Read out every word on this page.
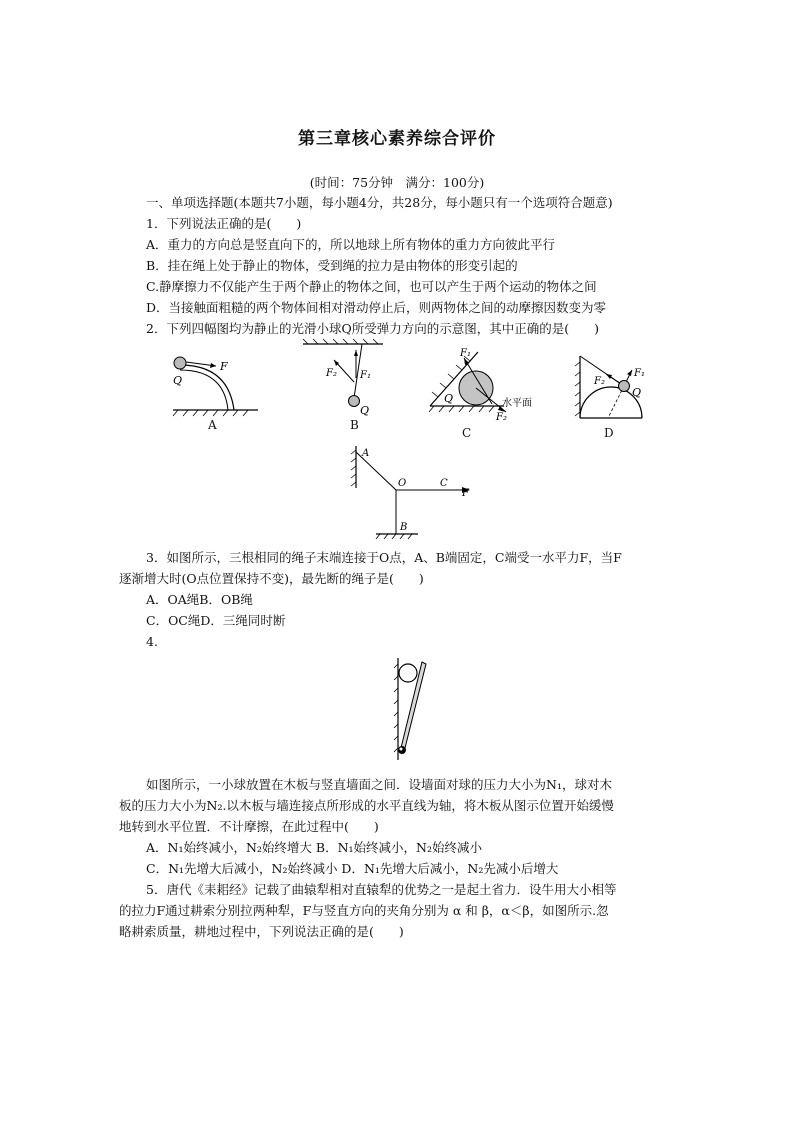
第三章核心素养综合评价
(时间：75分钟　满分：100分)
一、单项选择题(本题共7小题，每小题4分，共28分，每小题只有一个选项符合题意)
1．下列说法正确的是(　　)
A．重力的方向总是竖直向下的，所以地球上所有物体的重力方向彼此平行
B．挂在绳上处于静止的物体，受到绳的拉力是由物体的形变引起的
C.静摩擦力不仅能产生于两个静止的物体之间，也可以产生于两个运动的物体之间
D．当接触面粗糙的两个物体间相对滑动停止后，则两物体之间的动摩擦因数变为零
2．下列四幅图均为静止的光滑小球Q所受弹力方向的示意图，其中正确的是(　　)
F
Q
A
F₂ F₁
Q
B
F₁
Q	水平面
F₂
C
F₂
F₁
Q
D
A
O	C
F
B
3．如图所示，三根相同的绳子末端连接于O点，A、B端固定，C端受一水平力F，当F
逐渐增大时(O点位置保持不变)，最先断的绳子是(　　)
A．OA绳B．OB绳
C．OC绳D．三绳同时断
4.
如图所示，一小球放置在木板与竖直墙面之间．设墙面对球的压力大小为N₁，球对木
板的压力大小为N₂.以木板与墙连接点所形成的水平直线为轴，将木板从图示位置开始缓慢
地转到水平位置．不计摩擦，在此过程中(　　)
A．N₁始终减小，N₂始终增大 B．N₁始终减小，N₂始终减小
C．N₁先增大后减小，N₂始终减小 D．N₁先增大后减小，N₂先减小后增大
5．唐代《耒耜经》记载了曲辕犁相对直辕犁的优势之一是起土省力．设牛用大小相等
的拉力F通过耕索分别拉两种犁，F与竖直方向的夹角分别为 α 和 β，α＜β，如图所示.忽
略耕索质量，耕地过程中，下列说法正确的是(　　)
